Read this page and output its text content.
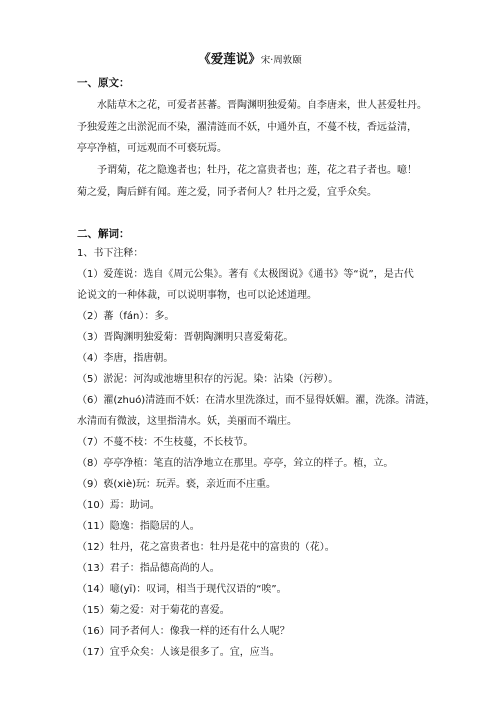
《爱莲说》宋·周敦颐
一、原文：
水陆草木之花，可爱者甚蕃。晋陶渊明独爱菊。自李唐来，世人甚爱牡丹。
予独爱莲之出淤泥而不染，濯清涟而不妖，中通外直，不蔓不枝，香远益清，
亭亭净植，可远观而不可亵玩焉。
予谓菊，花之隐逸者也；牡丹，花之富贵者也；莲，花之君子者也。噫！
菊之爱，陶后鲜有闻。莲之爱，同予者何人？牡丹之爱，宜乎众矣。
二、解词：
1、书下注释：
（1）爱莲说：选自《周元公集》。著有《太极图说》《通书》等“说”，是古代
论说文的一种体裁，可以说明事物，也可以论述道理。
（2）蕃（fán）：多。
（3）晋陶渊明独爱菊：晋朝陶渊明只喜爱菊花。
（4）李唐，指唐朝。
（5）淤泥：河沟或池塘里积存的污泥。染：沾染（污秽）。
（6）濯(zhuó)清涟而不妖：在清水里洗涤过，而不显得妖媚。濯，洗涤。清涟，
水清而有微波，这里指清水。妖，美丽而不端庄。
（7）不蔓不枝：不生枝蔓，不长枝节。
（8）亭亭净植：笔直的洁净地立在那里。亭亭，耸立的样子。植，立。
（9）亵(xiè)玩：玩弄。亵，亲近而不庄重。
（10）焉：助词。
（11）隐逸：指隐居的人。
（12）牡丹，花之富贵者也：牡丹是花中的富贵的（花）。
（13）君子：指品德高尚的人。
（14）噫(yī)：叹词，相当于现代汉语的“唉”。
（15）菊之爱：对于菊花的喜爱。
（16）同予者何人：像我一样的还有什么人呢？
（17）宜乎众矣：人该是很多了。宜，应当。
